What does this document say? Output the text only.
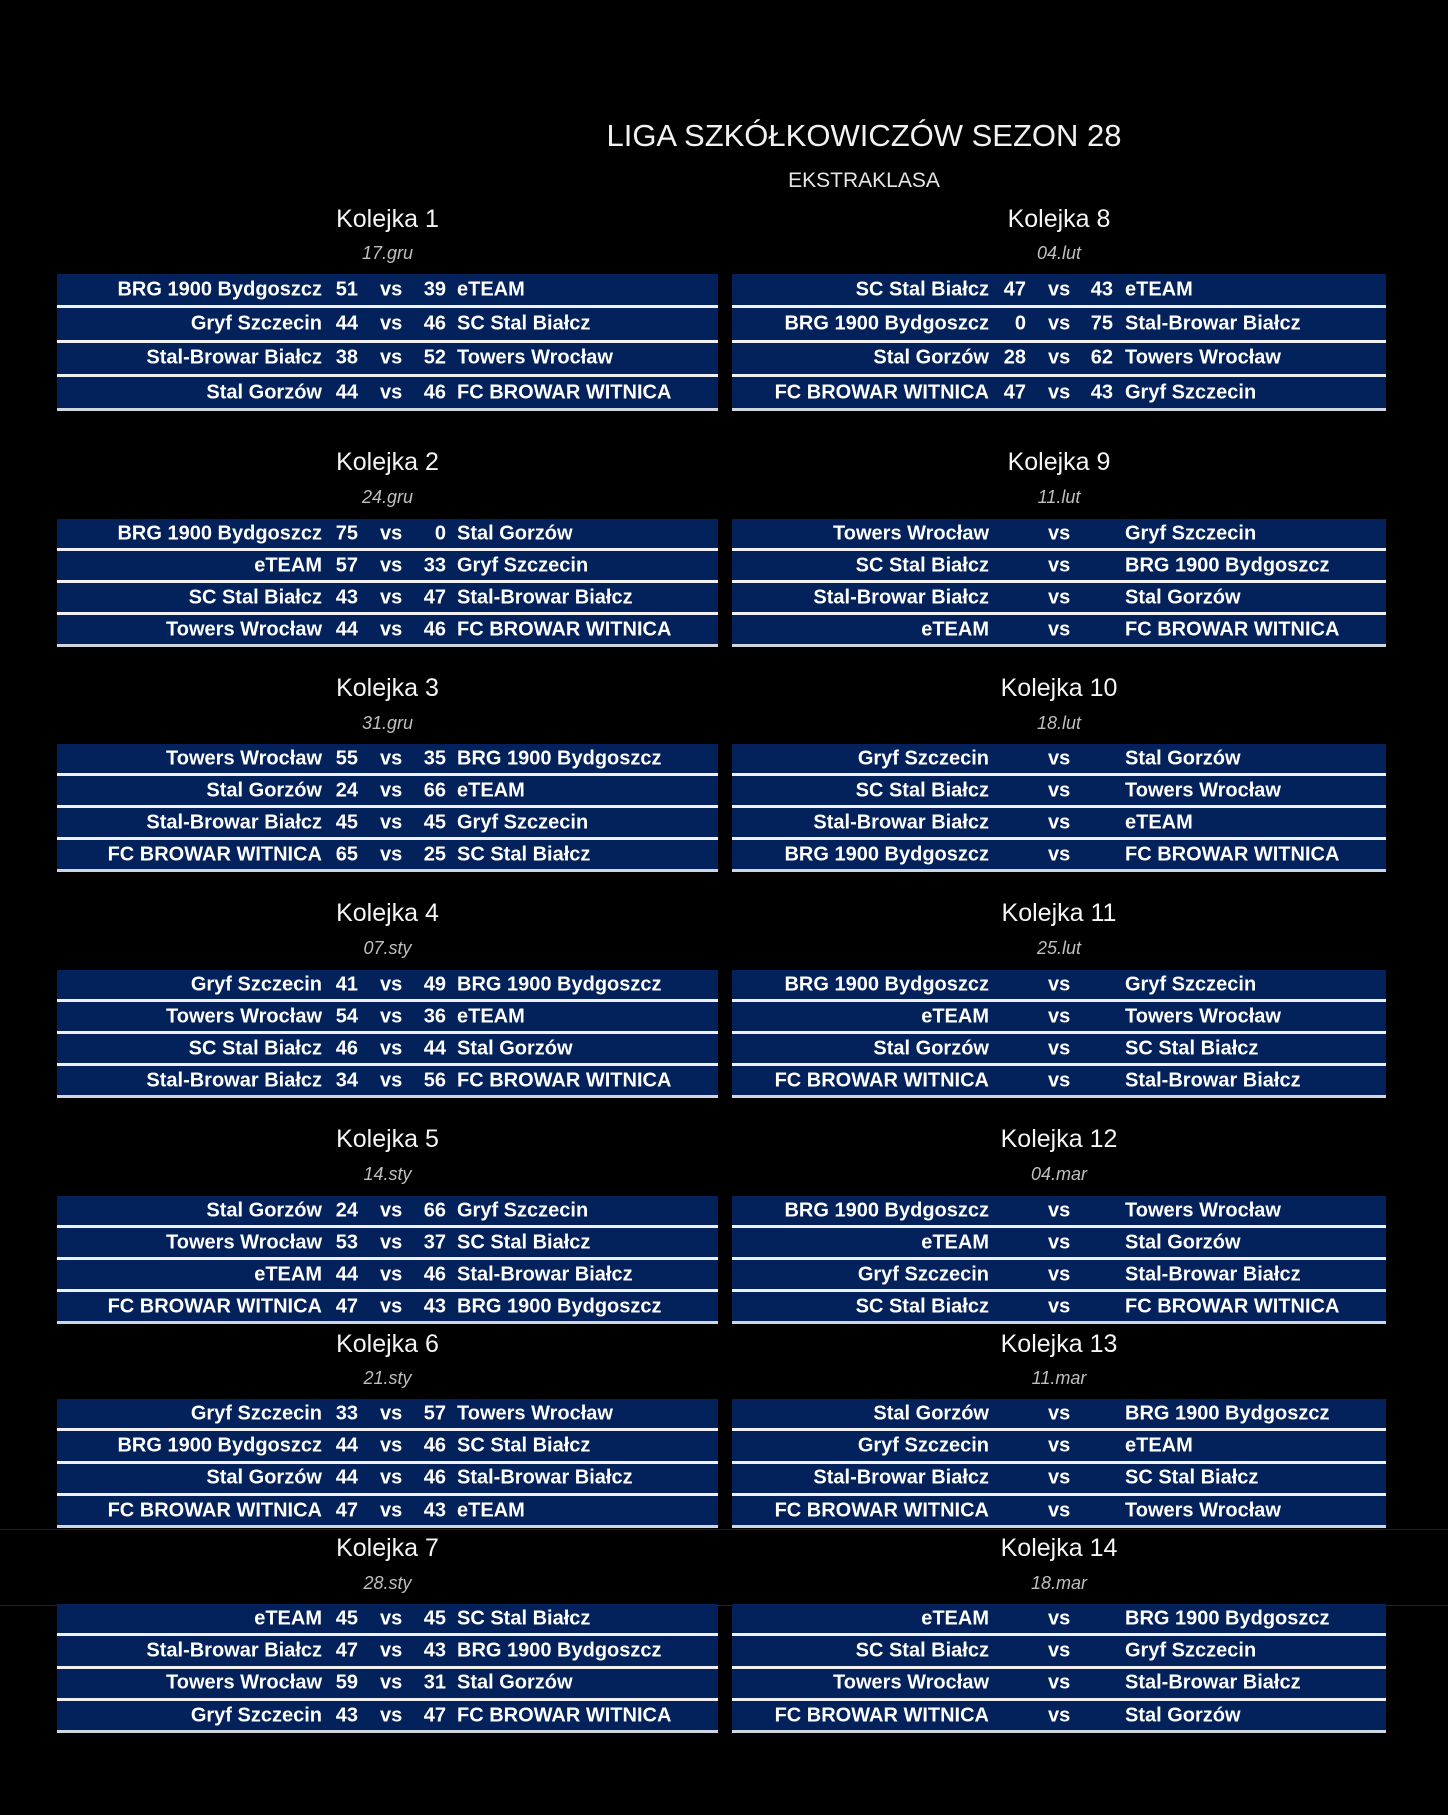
LIGA SZKÓŁKOWICZÓW SEZON 28
EKSTRAKLASA
Kolejka 1
17.gru
BRG 1900 Bydgoszcz 51 vs 39 eTEAM
Gryf Szczecin 44 vs 46 SC Stal Białcz
Stal-Browar Białcz 38 vs 52 Towers Wrocław
Stal Gorzów 44 vs 46 FC BROWAR WITNICA
Kolejka 2
24.gru
BRG 1900 Bydgoszcz 75 vs	0 Stal Gorzów
eTEAM 57 vs 33 Gryf Szczecin
SC Stal Białcz 43 vs 47 Stal-Browar Białcz
Towers Wrocław 44 vs 46 FC BROWAR WITNICA
Kolejka 3
31.gru
Towers Wrocław 55 vs 35 BRG 1900 Bydgoszcz
Stal Gorzów 24 vs 66 eTEAM
Stal-Browar Białcz 45 vs 45 Gryf Szczecin
FC BROWAR WITNICA 65 vs 25 SC Stal Białcz
Kolejka 4
07.sty
Gryf Szczecin 41 vs 49 BRG 1900 Bydgoszcz
Towers Wrocław 54 vs 36 eTEAM
SC Stal Białcz 46 vs 44 Stal Gorzów
Stal-Browar Białcz 34 vs 56 FC BROWAR WITNICA
Kolejka 5
14.sty
Stal Gorzów 24 vs 66 Gryf Szczecin
Towers Wrocław 53 vs 37 SC Stal Białcz
eTEAM 44 vs 46 Stal-Browar Białcz
FC BROWAR WITNICA 47 vs 43 BRG 1900 Bydgoszcz
Kolejka 6
21.sty
Gryf Szczecin 33 vs 57 Towers Wrocław
BRG 1900 Bydgoszcz 44 vs 46 SC Stal Białcz
Stal Gorzów 44 vs 46 Stal-Browar Białcz
FC BROWAR WITNICA 47 vs 43 eTEAM
Kolejka 7
28.sty
eTEAM 45 vs 45 SC Stal Białcz
Stal-Browar Białcz 47 vs 43 BRG 1900 Bydgoszcz
Towers Wrocław 59 vs 31 Stal Gorzów
Gryf Szczecin 43 vs 47 FC BROWAR WITNICA
Kolejka 8
04.lut
SC Stal Białcz 47 vs 43 eTEAM
BRG 1900 Bydgoszcz	0 vs 75 Stal-Browar Białcz
Stal Gorzów 28 vs 62 Towers Wrocław
FC BROWAR WITNICA 47 vs 43 Gryf Szczecin
Kolejka 9
11.lut
Towers Wrocław	vs	Gryf Szczecin
SC Stal Białcz	vs	BRG 1900 Bydgoszcz
Stal-Browar Białcz	vs	Stal Gorzów
eTEAM	vs	FC BROWAR WITNICA
Kolejka 10
18.lut
Gryf Szczecin	vs	Stal Gorzów
SC Stal Białcz	vs	Towers Wrocław
Stal-Browar Białcz	vs	eTEAM
BRG 1900 Bydgoszcz	vs	FC BROWAR WITNICA
Kolejka 11
25.lut
BRG 1900 Bydgoszcz	vs	Gryf Szczecin
eTEAM	vs	Towers Wrocław
Stal Gorzów	vs	SC Stal Białcz
FC BROWAR WITNICA	vs	Stal-Browar Białcz
Kolejka 12
04.mar
BRG 1900 Bydgoszcz	vs	Towers Wrocław
eTEAM	vs	Stal Gorzów
Gryf Szczecin	vs	Stal-Browar Białcz
SC Stal Białcz	vs	FC BROWAR WITNICA
Kolejka 13
11.mar
Stal Gorzów	vs	BRG 1900 Bydgoszcz
Gryf Szczecin	vs	eTEAM
Stal-Browar Białcz	vs	SC Stal Białcz
FC BROWAR WITNICA	vs	Towers Wrocław
Kolejka 14
18.mar
eTEAM	vs	BRG 1900 Bydgoszcz
SC Stal Białcz	vs	Gryf Szczecin
Towers Wrocław	vs	Stal-Browar Białcz
FC BROWAR WITNICA	vs	Stal Gorzów
